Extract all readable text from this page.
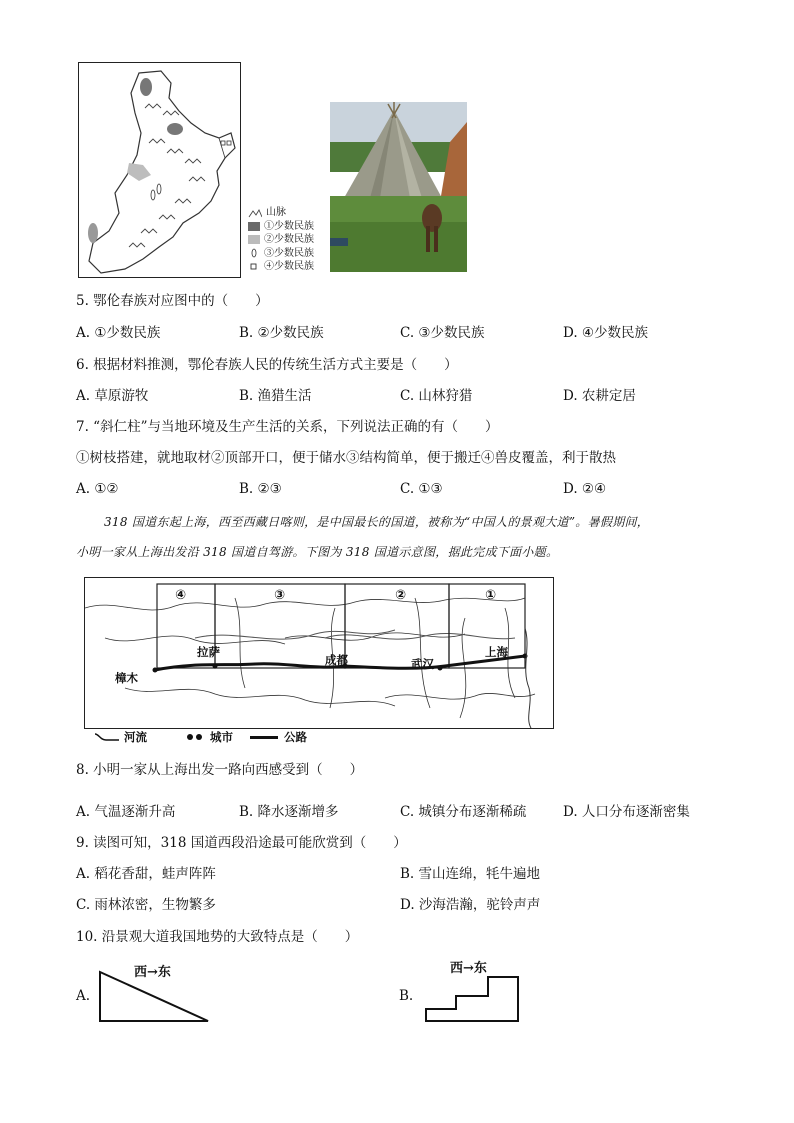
山脉
①少数民族
②少数民族
③少数民族
④少数民族
5. 鄂伦春族对应图中的（　　）
A. ①少数民族	B. ②少数民族	C. ③少数民族	D. ④少数民族
6. 根据材料推测，鄂伦春族人民的传统生活方式主要是（　　）
A. 草原游牧	B. 渔猎生活	C. 山林狩猎	D. 农耕定居
7. “斜仁柱”与当地环境及生产生活的关系，下列说法正确的有（　　）
①树枝搭建，就地取材②顶部开口，便于储水③结构简单，便于搬迁④兽皮覆盖，利于散热
A. ①②	B. ②③	C. ①③	D. ②④

318 国道东起上海，西至西藏日喀则，是中国最长的国道，被称为“中国人的景观大道”。暑假期间，

小明一家从上海出发沿 318 国道自驾游。下图为 318 国道示意图，据此完成下面小题。

④	③	②	①
拉萨
成都	武汉
上海
樟木
河流	城市	公路
8. 小明一家从上海出发一路向西感受到（　　）
A. 气温逐渐升高	B. 降水逐渐增多	C. 城镇分布逐渐稀疏	D. 人口分布逐渐密集
9. 读图可知，318 国道西段沿途最可能欣赏到（　　）
A. 稻花香甜，蛙声阵阵	B. 雪山连绵，牦牛遍地
C. 雨林浓密，生物繁多	D. 沙海浩瀚，驼铃声声
10. 沿景观大道我国地势的大致特点是（　　）
A.
西→东
B.
西→东
